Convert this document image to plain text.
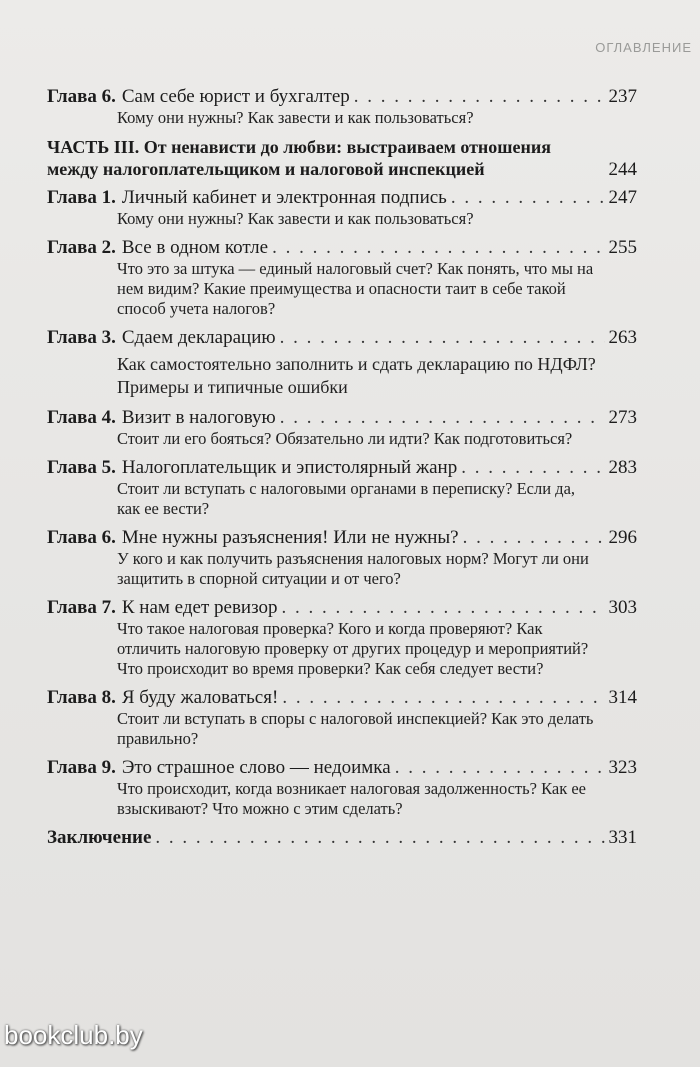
ОГЛАВЛЕНИЕ
Глава 6. Сам себе юрист и бухгалтер . . .	237
Кому они нужны? Как завести и как пользоваться?
ЧАСТЬ III. От ненависти до любви: выстраиваем отношения
между налогоплательщиком и налоговой инспекцией	244
Глава 1. Личный кабинет и электронная подпись . . .	247
Кому они нужны? Как завести и как пользоваться?
Глава 2. Все в одном котле . . .	255
Что это за штука — единый налоговый счет? Как понять, что мы на нем видим? Какие преимущества и опасности таит в себе такой способ учета налогов?
Глава 3. Сдаем декларацию . . .	263
Как самостоятельно заполнить и сдать декларацию по НДФЛ?Примеры и типичные ошибки
Глава 4. Визит в налоговую . . .	273
Стоит ли его бояться? Обязательно ли идти? Как подготовиться?
Глава 5. Налогоплательщик и эпистолярный жанр . . .	283
Стоит ли вступать с налоговыми органами в переписку? Если да, как ее вести?
Глава 6. Мне нужны разъяснения! Или не нужны? . . .	296
У кого и как получить разъяснения налоговых норм? Могут ли они защитить в спорной ситуации и от чего?
Глава 7. К нам едет ревизор . . .	303
Что такое налоговая проверка? Кого и когда проверяют? Как отличить налоговую проверку от других процедур и мероприятий? Что происходит во время проверки? Как себя следует вести?
Глава 8. Я буду жаловаться! . . .	314
Стоит ли вступать в споры с налоговой инспекцией? Как это делать правильно?
Глава 9. Это страшное слово — недоимка . . .	323
Что происходит, когда возникает налоговая задолженность? Как ее взыскивают? Что можно с этим сделать?
Заключение . . .	331
bookclub.by
